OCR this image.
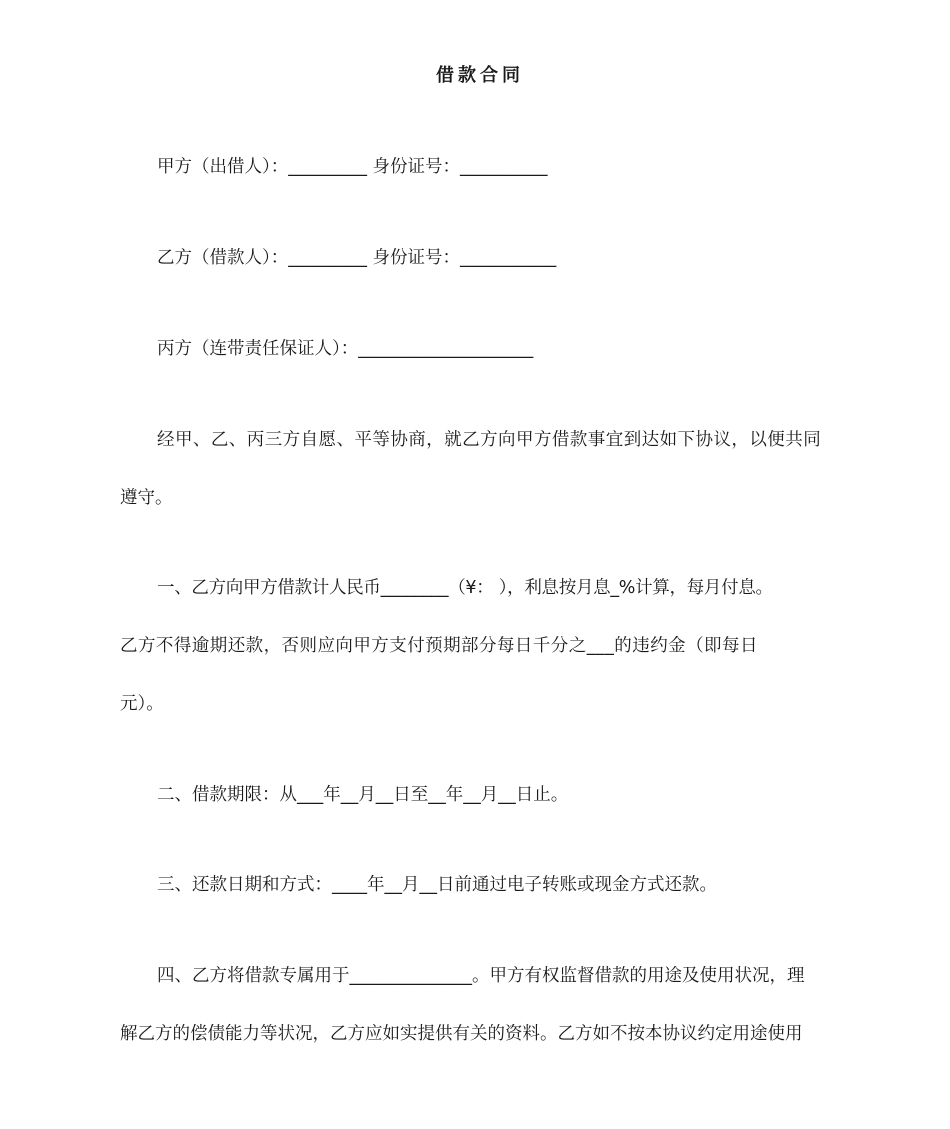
借款合同
甲方（出借人）：_________ 身份证号：__________
乙方（借款人）：_________ 身份证号：___________
丙方（连带责任保证人）：____________________
经甲、乙、丙三方自愿、平等协商，就乙方向甲方借款事宜到达如下协议，以便共同
遵守。
一、乙方向甲方借款计人民币________（¥： ），利息按月息_%计算，每月付息。
乙方不得逾期还款，否则应向甲方支付预期部分每日千分之___的违约金（即每日
元）。
二、借款期限：从___年__月__日至__年__月__日止。
三、还款日期和方式：____年__月__日前通过电子转账或现金方式还款。
四、乙方将借款专属用于______________。甲方有权监督借款的用途及使用状况，理
解乙方的偿债能力等状况，乙方应如实提供有关的资料。乙方如不按本协议约定用途使用
